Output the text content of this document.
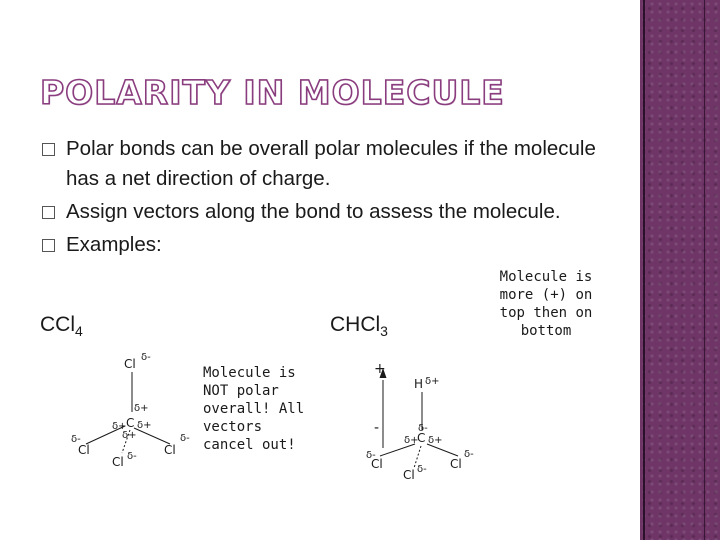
POLARITY IN MOLECULE
Polar bonds can be overall polar molecules if the molecule has a net direction of charge.
Assign vectors along the bond to assess the molecule.
Examples:
CCl$_4$	CHCl$_3$
Molecule is
NOT polar
overall! All
vectors
cancel out!
Molecule is
more (+) on
top then on
bottom
Cl δ-
δ+
δ+ C δ+
δ+
δ-
Cl
Cl δ- Cl
δ-
+
-
H δ+
δ-
δ+
C δ+
δ-
Cl
Cl δ- Cl
δ-
